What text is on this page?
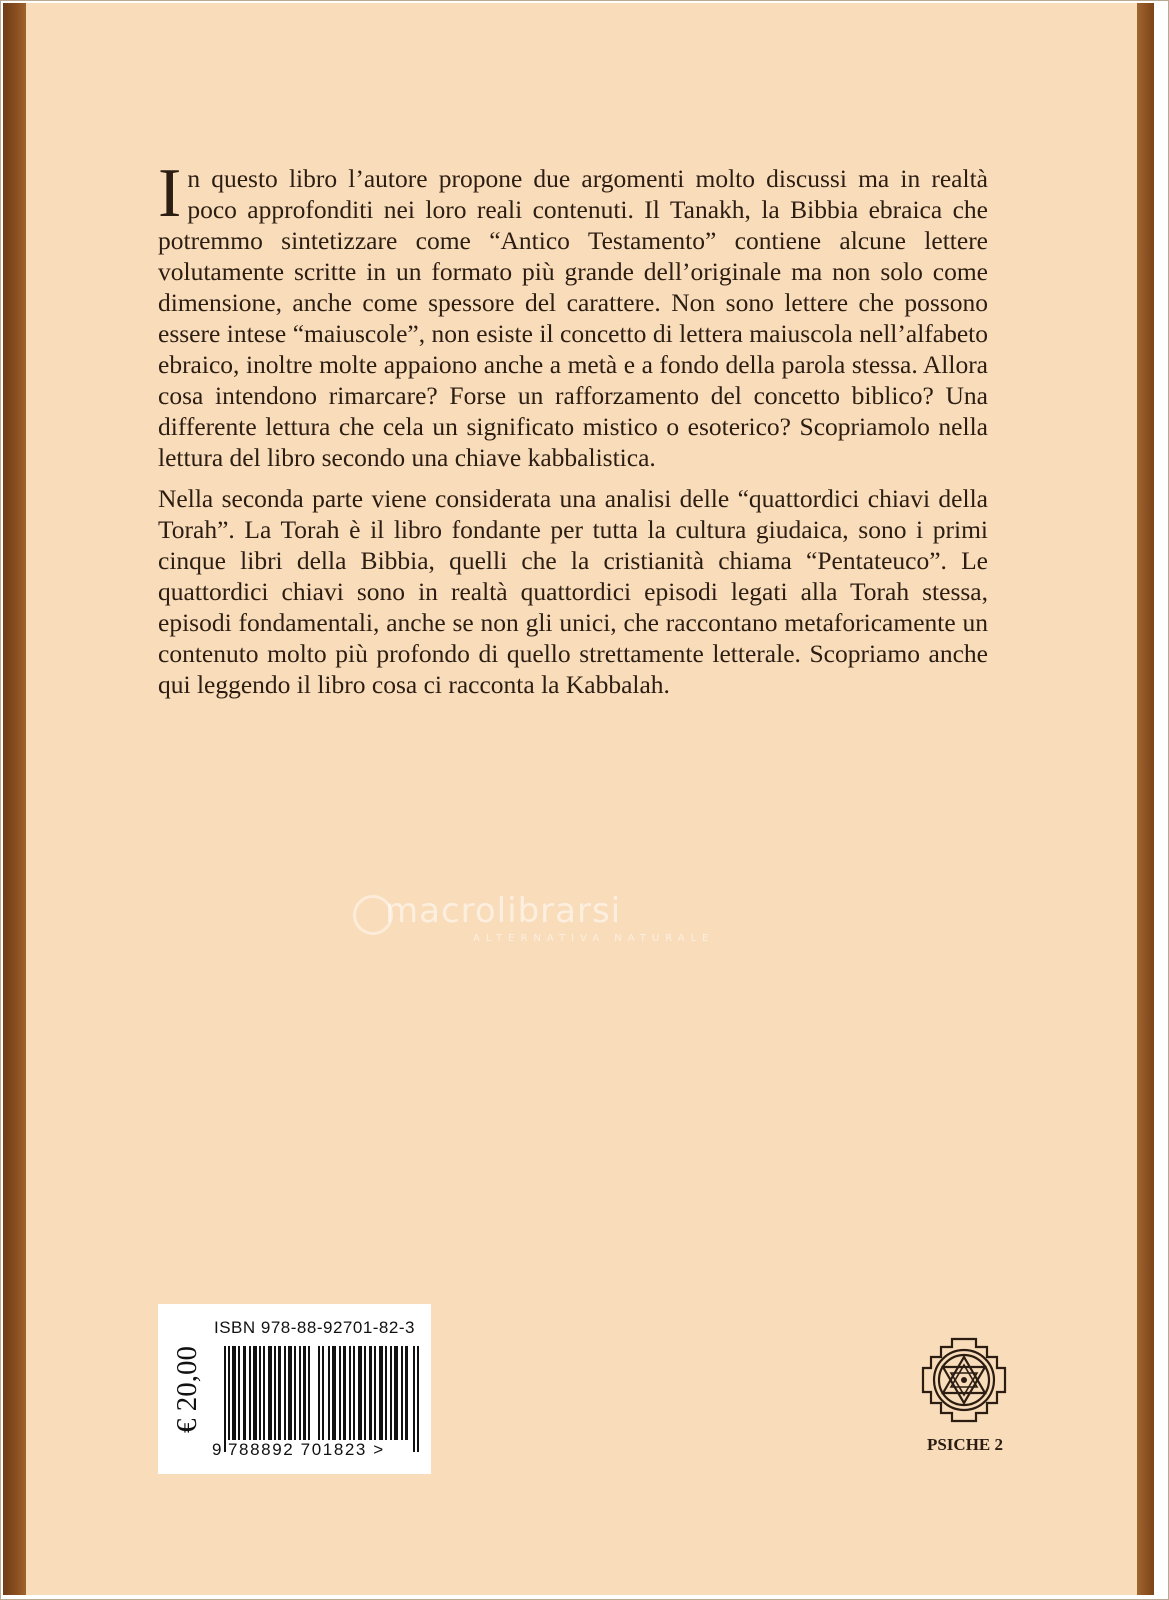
In questo libro l’autore propone due argomenti molto discussi ma in realtà poco approfonditi nei loro reali contenuti. Il Tanakh, la Bibbia ebraica che potremmo sintetizzare come “Antico Testamento” contiene alcune lettere volutamente scritte in un formato più grande dell’originale ma non solo come dimensione, anche come spessore del carattere. Non sono lettere che possono essere intese “maiuscole”, non esiste il concetto di lettera maiuscola nell’alfabeto ebraico, inoltre molte appaiono anche a metà e a fondo della parola stessa. Allora cosa intendono rimarcare? Forse un rafforzamento del concetto biblico? Una differente lettura che cela un significato mistico o esoterico? Scopriamolo nella lettura del libro secondo una chiave kabbalistica.

Nella seconda parte viene considerata una analisi delle “quattordici chiavi della Torah”. La Torah è il libro fondante per tutta la cultura giudaica, sono i primi cinque libri della Bibbia, quelli che la cristianità chiama “Pentateuco”. Le quattordici chiavi sono in realtà quattordici episodi legati alla Torah stessa, episodi fondamentali, anche se non gli unici, che raccontano metaforicamente un contenuto molto più profondo di quello strettamente letterale. Scopriamo anche qui leggendo il libro cosa ci racconta la Kabbalah.

macrolibrarsi
ALTERNATIVA NATURALE
€ 20,00
ISBN 978-88-92701-82-3
9 788892 701823 >	PSICHE 2
